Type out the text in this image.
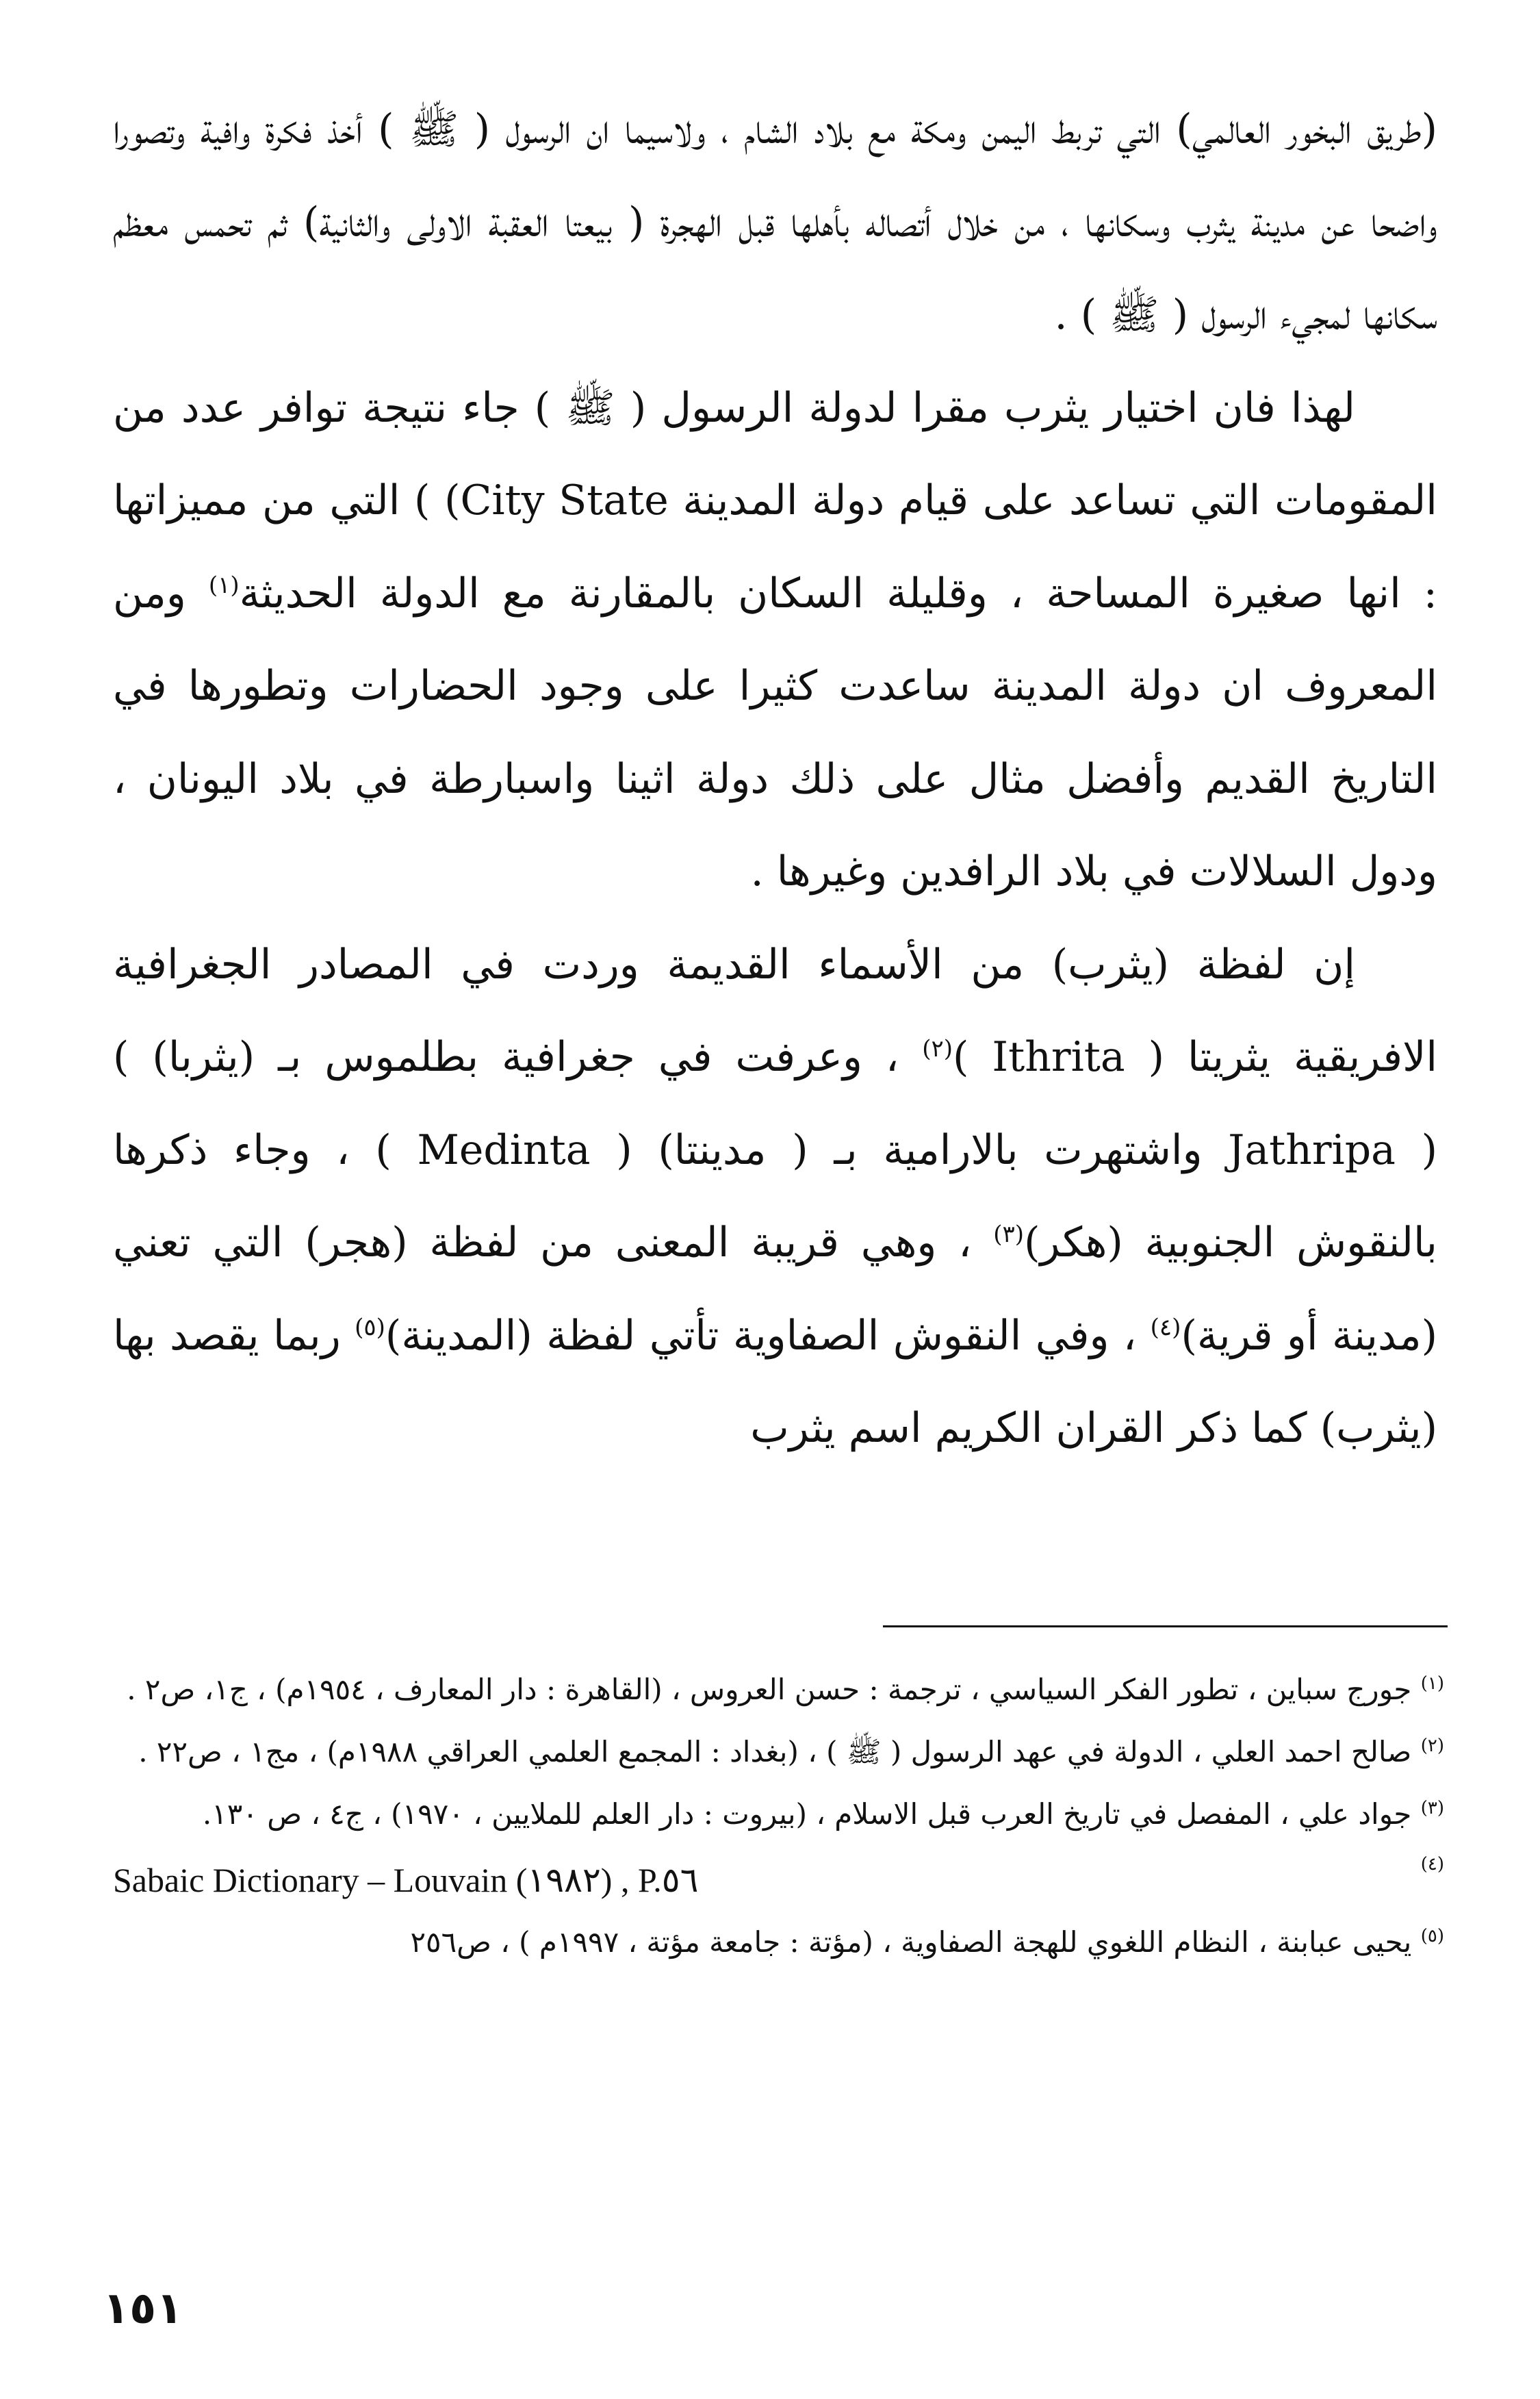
(طريق البخور العالمي) التي تربط اليمن ومكة مع بلاد الشام ، ولاسيما ان الرسول ( ﷺ ) أخذ فكرة وافية وتصورا واضحا عن مدينة يثرب وسكانها ، من خلال أتصاله بأهلها قبل الهجرة ( بيعتا العقبة الاولى والثانية) ثم تحمس معظم سكانها لمجيء الرسول ( ﷺ ) .

لهذا فان اختيار يثرب مقرا لدولة الرسول ( ﷺ ) جاء نتيجة توافر عدد من المقومات التي تساعد على قيام دولة المدينة (City State ) التي من مميزاتها : انها صغيرة المساحة ، وقليلة السكان بالمقارنة مع الدولة الحديثة$^{(١)}$ ومن المعروف ان دولة المدينة ساعدت كثيرا على وجود الحضارات وتطورها في التاريخ القديم وأفضل مثال على ذلك دولة اثينا واسبارطة في بلاد اليونان ، ودول السلالات في بلاد الرافدين وغيرها .

إن لفظة (يثرب) من الأسماء القديمة وردت في المصادر الجغرافية الافريقية يثريتا ( Ithrita )$^{(٢)}$ ، وعرفت في جغرافية بطلموس بـ (يثربا) ( Jathripa ) واشتهرت بالارامية بـ ( مدينتا) ( Medinta ) ، وجاء ذكرها بالنقوش الجنوبية (هكر)$^{(٣)}$ ، وهي قريبة المعنى من لفظة (هجر) التي تعني (مدينة أو قرية)$^{(٤)}$ ، وفي النقوش الصفاوية تأتي لفظة (المدينة)$^{(٥)}$ ربما يقصد بها (يثرب) كما ذكر القران الكريم اسم يثرب

$^{(١)}$ جورج سباين ، تطور الفكر السياسي ، ترجمة : حسن العروس ، (القاهرة : دار المعارف ، ١٩٥٤م) ، ج١، ص٢ .

$^{(٢)}$ صالح احمد العلي ، الدولة في عهد الرسول ( ﷺ ) ، (بغداد : المجمع العلمي العراقي ١٩٨٨م) ، مج١ ، ص٢٢ .

$^{(٣)}$ جواد علي ، المفصل في تاريخ العرب قبل الاسلام ، (بيروت : دار العلم للملايين ، ١٩٧٠) ، ج٤ ، ص ١٣٠.

Sabaic Dictionary – Louvain (١٩٨٢) , P.٥٦	(٤)

$^{(٥)}$ يحيى عبابنة ، النظام اللغوي للهجة الصفاوية ، (مؤتة : جامعة مؤتة ، ١٩٩٧م ) ، ص٢٥٦

١٥١
